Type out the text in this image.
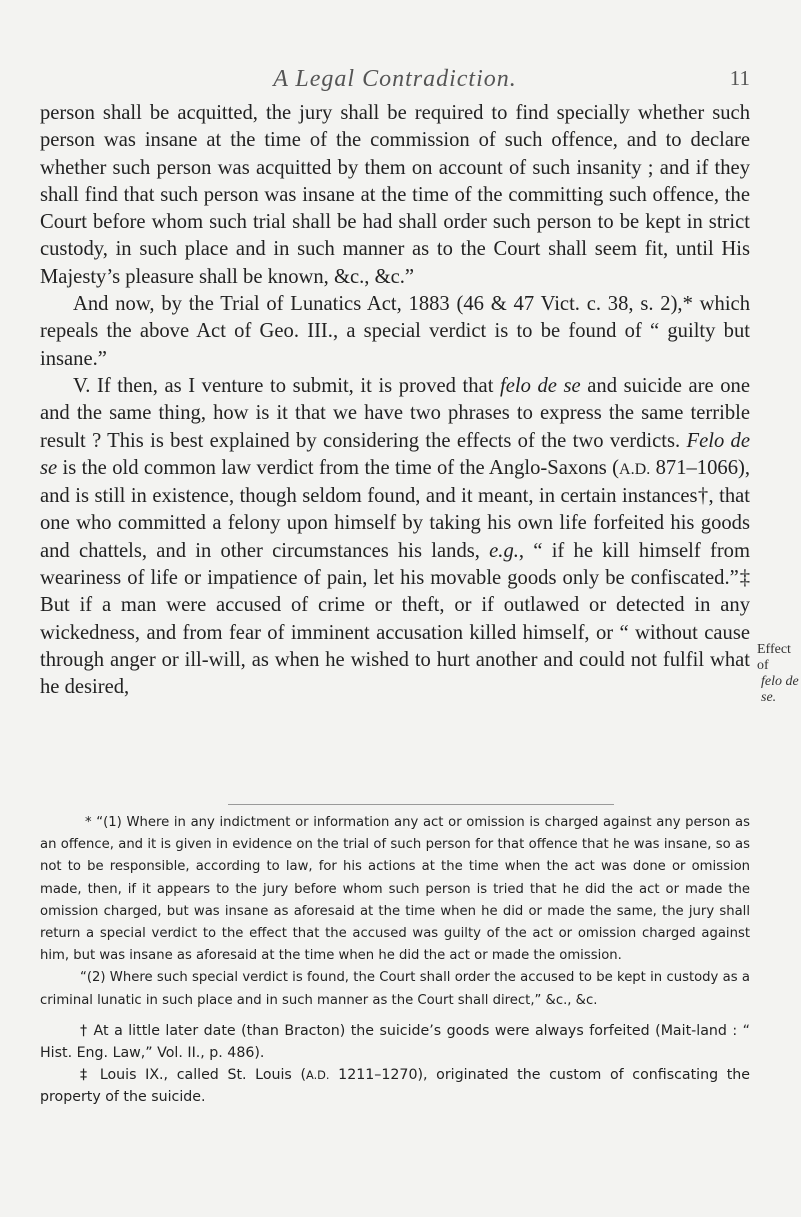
A Legal Contradiction.	11

person shall be acquitted, the jury shall be required to find specially whether such person was insane at the time of the commission of such offence, and to declare whether such person was acquitted by them on account of such insanity ; and if they shall find that such person was insane at the time of the committing such offence, the Court before whom such trial shall be had shall order such person to be kept in strict custody, in such place and in such manner as to the Court shall seem fit, until His Majesty’s pleasure shall be known, &c., &c.”

And now, by the Trial of Lunatics Act, 1883 (46 & 47 Vict. c. 38, s. 2),* which repeals the above Act of Geo. III., a special verdict is to be found of “ guilty but insane.”

V. If then, as I venture to submit, it is proved that felo de se and suicide are one and the same thing, how is it that we have two phrases to express the same terrible result ? This is best explained by considering the effects of the two verdicts. Felo de se is the old common law verdict from the time of the Anglo-Saxons (A.D. 871–1066), and is still in existence, though seldom found, and it meant, in certain instances†, that one who committed a felony upon himself by taking his own life forfeited his goods and chattels, and in other circumstances his lands, e.g., “ if he kill himself from weariness of life or impatience of pain, let his movable goods only be confiscated.”‡ But if a man were accused of crime or theft, or if outlawed or detected in any wickedness, and from fear of imminent accusation killed himself, or “ without cause through anger or ill-will, as when he wished to hurt another and could not fulfil what he desired,

Effect of
felo de se.

* “(1) Where in any indictment or information any act or omission is charged against any person as an offence, and it is given in evidence on the trial of such person for that offence that he was insane, so as not to be responsible, according to law, for his actions at the time when the act was done or omission made, then, if it appears to the jury before whom such person is tried that he did the act or made the omission charged, but was insane as aforesaid at the time when he did or made the same, the jury shall return a special verdict to the effect that the accused was guilty of the act or omission charged against him, but was insane as aforesaid at the time when he did the act or made the omission.

“(2) Where such special verdict is found, the Court shall order the accused to be kept in custody as a criminal lunatic in such place and in such manner as the Court shall direct,” &c., &c.

† At a little later date (than Bracton) the suicide’s goods were always forfeited (Mait-land : “ Hist. Eng. Law,” Vol. II., p. 486).

‡ Louis IX., called St. Louis (A.D. 1211–1270), originated the custom of confiscating the property of the suicide.
